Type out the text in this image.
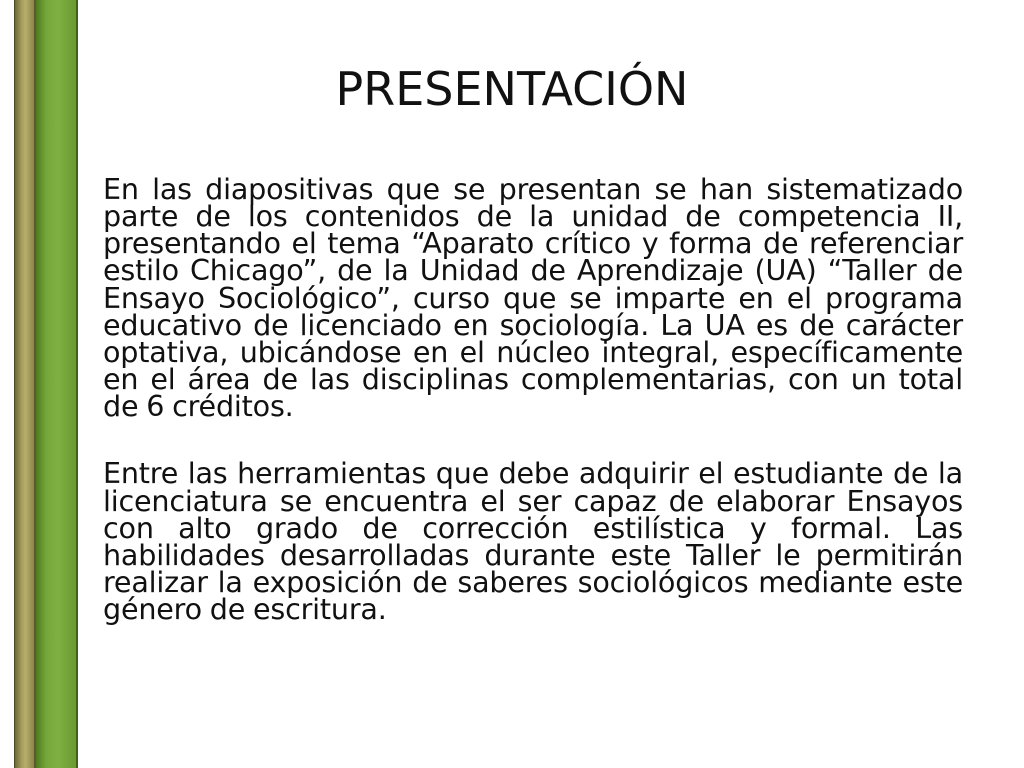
PRESENTACIÓN

En las diapositivas que se presentan se han sistematizado parte de los contenidos de la unidad de competencia II, presentando el tema “Aparato crítico y forma de referenciar estilo Chicago”, de la Unidad de Aprendizaje (UA) “Taller de Ensayo Sociológico”, curso que se imparte en el programa educativo de licenciado en sociología. La UA es de carácter optativa, ubicándose en el núcleo integral, específicamente en el área de las disciplinas complementarias, con un total de 6 créditos.

Entre las herramientas que debe adquirir el estudiante de la licenciatura se encuentra el ser capaz de elaborar Ensayos con alto grado de corrección estilística y formal. Las habilidades desarrolladas durante este Taller le permitirán realizar la exposición de saberes sociológicos mediante este género de escritura.
